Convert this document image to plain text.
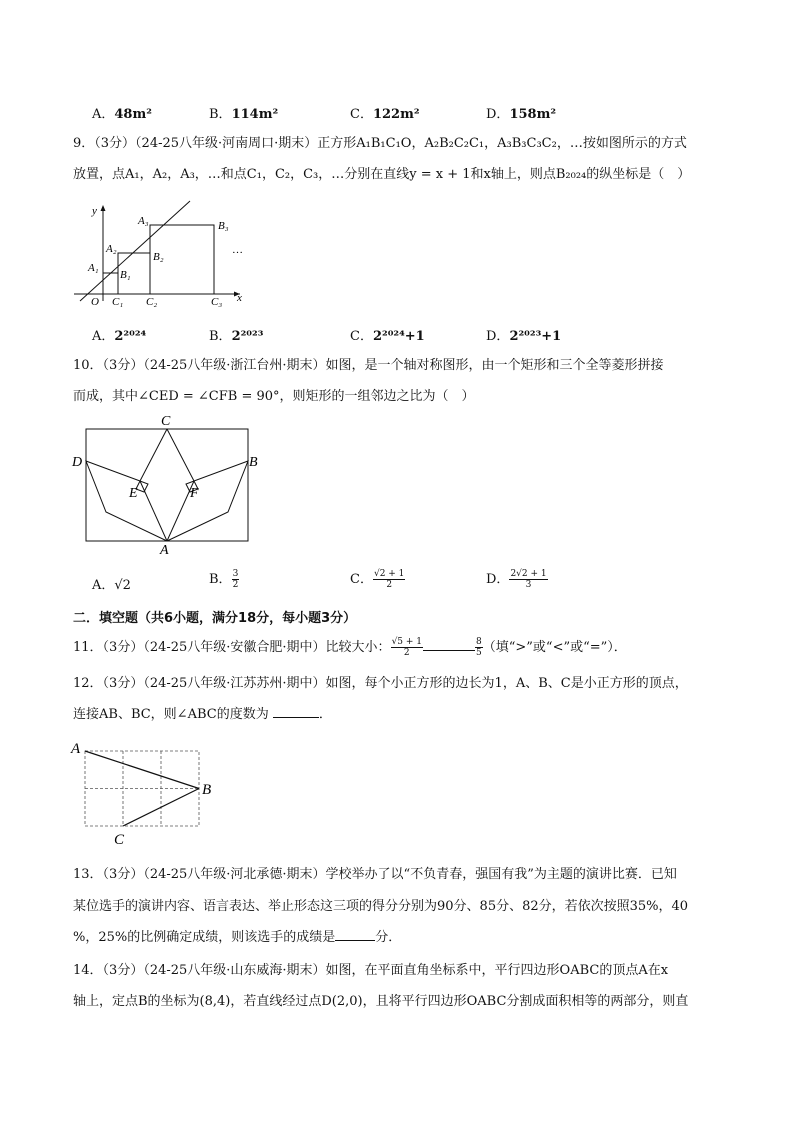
A．48m²	B．114m²	C．122m²	D．158m²
9．（3分）（24-25八年级·河南周口·期末）正方形A₁B₁C₁O，A₂B₂C₂C₁，A₃B₃C₃C₂，…按如图所示的方式
放置，点A₁，A₂，A₃，…和点C₁，C₂，C₃，…分别在直线y = x + 1和x轴上，则点B₂₀₂₄的纵坐标是（　）
y
x
O
A₁
A₂
A₃
B₁
B₂
B₃
C₁ C₂	C₃
…
A．2²⁰²⁴	B．2²⁰²³	C．2²⁰²⁴+1	D．2²⁰²³+1
10．（3分）（24-25八年级·浙江台州·期末）如图，是一个轴对称图形，由一个矩形和三个全等菱形拼接
而成，其中∠CED = ∠CFB = 90°，则矩形的一组邻边之比为（　）
C
D	B
E	F
A
A．√2	B． $\frac{3}{2}$	C． $\frac{√2 + 1}{2}$	D． $\frac{2√2 + 1}{3}$
二．填空题（共6小题，满分18分，每小题3分）
11．（3分）（24-25八年级·安徽合肥·期中）比较大小： $\frac{√5 + 1}{2}$	$\frac{8}{5}$ （填“>”或“<”或“=”）．
12．（3分）（24-25八年级·江苏苏州·期中）如图，每个小正方形的边长为1，A、B、C是小正方形的顶点，
连接AB、BC，则∠ABC的度数为	．
A
B
C
13．（3分）（24-25八年级·河北承德·期末）学校举办了以“不负青春，强国有我”为主题的演讲比赛．已知
某位选手的演讲内容、语言表达、举止形态这三项的得分分别为90分、85分、82分，若依次按照35%，40
%，25%的比例确定成绩，则该选手的成绩是	分．
14．（3分）（24-25八年级·山东威海·期末）如图，在平面直角坐标系中，平行四边形OABC的顶点A在x
轴上，定点B的坐标为(8,4)，若直线经过点D(2,0)，且将平行四边形OABC分割成面积相等的两部分，则直
